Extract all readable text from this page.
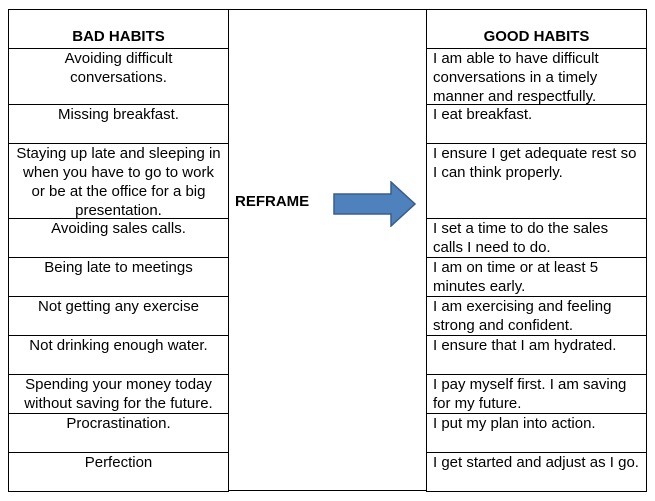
BAD HABITS
Avoiding difficult conversations.
Missing breakfast.
Staying up late and sleeping in when you have to go to work or be at the office for a big presentation.
Avoiding sales calls.
Being late to meetings
Not getting any exercise
Not drinking enough water.
Spending your money today without saving for the future.
Procrastination.
Perfection
REFRAME
GOOD HABITS
I am able to have difficult conversations in a timely manner and respectfully.
I eat breakfast.
I ensure I get adequate rest so I can think properly.
I set a time to do the sales calls I need to do.
I am on time or at least 5 minutes early.
I am exercising and feeling strong and confident.
I ensure that I am hydrated.
I pay myself first. I am saving for my future.
I put my plan into action.
I get started and adjust as I go.
